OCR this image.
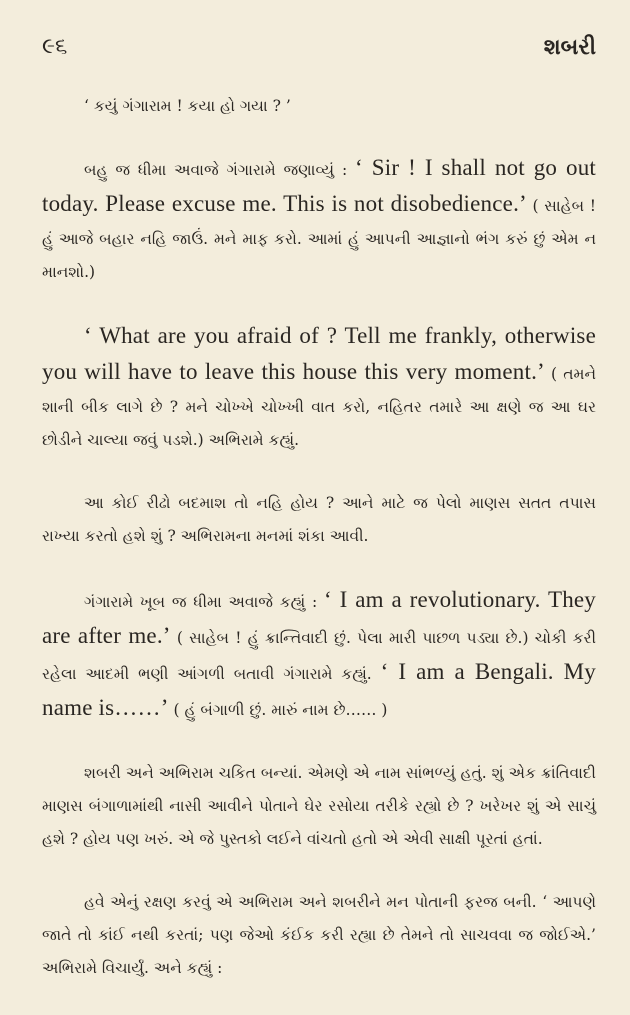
૯૬	શબરી

‘ કયું ગંગારામ ! કયા હો ગયા ? ’

બહુ જ ધીમા અવાજે ગંગારામે જણાવ્યું : ‘ Sir ! I shall not go out today. Please excuse me. This is not disobedience.’ ( સાહેબ ! હું આજે બહાર નહિ જાઉં. મને માફ કરો. આમાં હું આપની આજ્ઞાનો ભંગ કરું છું એમ ન માનશો.)

‘ What are you afraid of ? Tell me frankly, otherwise you will have to leave this house this very moment.’ ( તમને શાની બીક લાગે છે ? મને ચોખ્ખે ચોખ્ખી વાત કરો, નહિતર તમારે આ ક્ષણે જ આ ઘર છોડીને ચાલ્યા જવું પડશે.) અભિરામે કહ્યું.

આ કોઈ રીઢો બદમાશ તો નહિ હોય ? આને માટે જ પેલો માણસ સતત તપાસ રાખ્યા કરતો હશે શું ? અભિરામના મનમાં શંકા આવી.

ગંગારામે ખૂબ જ ધીમા અવાજે કહ્યું : ‘ I am a revolutionary. They are after me.’ ( સાહેબ ! હું ક્રાન્તિવાદી છું. પેલા મારી પાછળ પડ્યા છે.) ચોકી કરી રહેલા આદમી ભણી આંગળી બતાવી ગંગારામે કહ્યું. ‘ I am a Bengali. My name is……’ ( હું બંગાળી છું. મારું નામ છે…… )

શબરી અને અભિરામ ચકિત બન્યાં. એમણે એ નામ સાંભળ્યું હતું. શું એક ક્રાંતિવાદી માણસ બંગાળામાંથી નાસી આવીને પોતાને ઘેર રસોયા તરીકે રહ્યો છે ? ખરેખર શું એ સાચું હશે ? હોય પણ ખરું. એ જે પુસ્તકો લઈને વાંચતો હતો એ એવી સાક્ષી પૂરતાં હતાં.

હવે એનું રક્ષણ કરવું એ અભિરામ અને શબરીને મન પોતાની ફરજ બની. ‘ આપણે જાતે તો કાંઈ નથી કરતાં; પણ જેઓ કંઈક કરી રહ્યા છે તેમને તો સાચવવા જ જોઈએ.’ અભિરામે વિચાર્યું. અને કહ્યું :
